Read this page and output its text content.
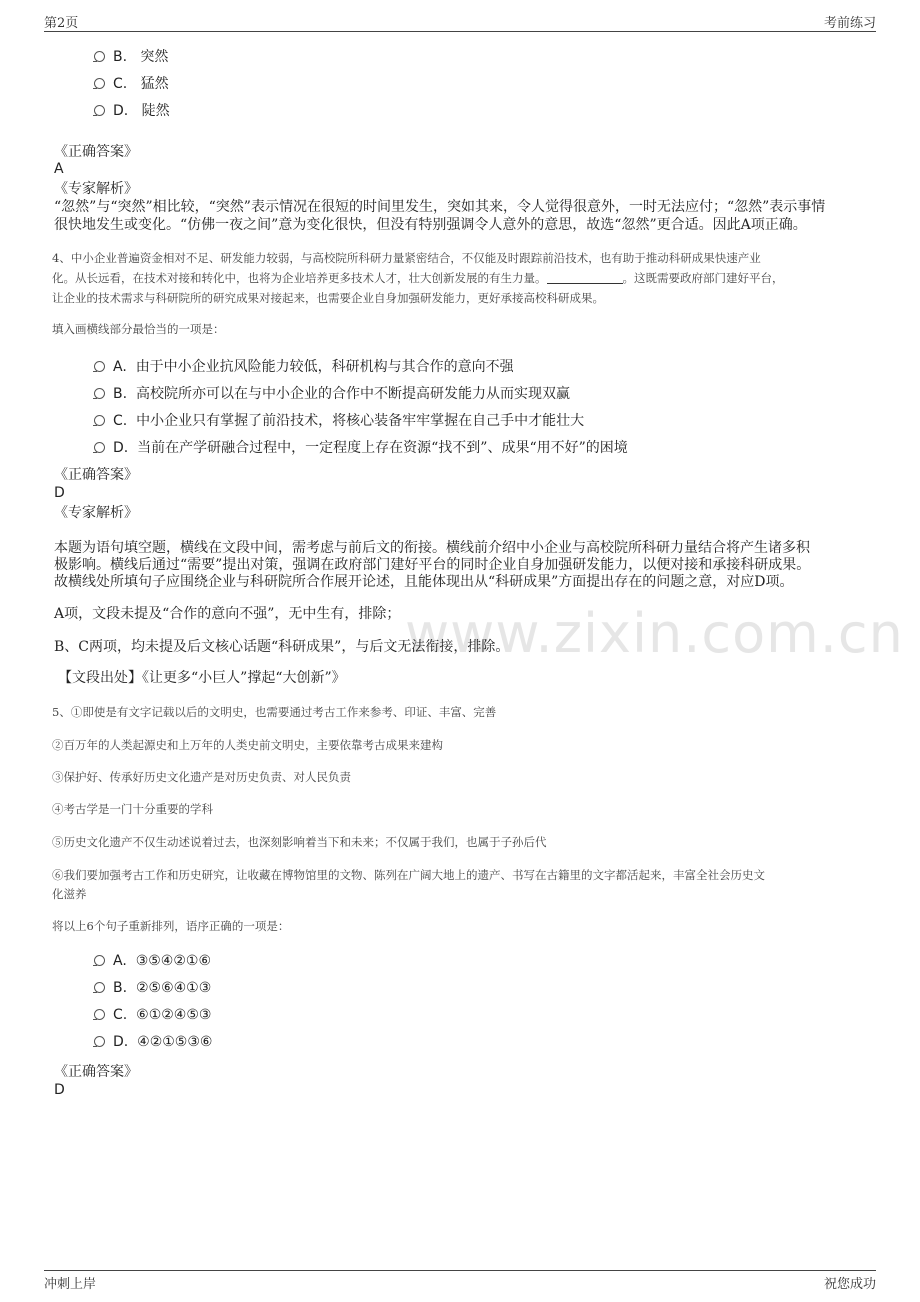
第2页	考前练习
B. 突然
C. 猛然
D. 陡然
《正确答案》
A
《专家解析》
“忽然”与“突然”相比较，“突然”表示情况在很短的时间里发生，突如其来，令人觉得很意外，一时无法应付；“忽然”表示事情
很快地发生或变化。“仿佛一夜之间”意为变化很快，但没有特别强调令人意外的意思，故选“忽然”更合适。因此A项正确。
4、中小企业普遍资金相对不足、研发能力较弱，与高校院所科研力量紧密结合，不仅能及时跟踪前沿技术，也有助于推动科研成果快速产业
化。从长远看，在技术对接和转化中，也将为企业培养更多技术人才，壮大创新发展的有生力量。	。这既需要政府部门建好平台，
让企业的技术需求与科研院所的研究成果对接起来，也需要企业自身加强研发能力，更好承接高校科研成果。
填入画横线部分最恰当的一项是：
A. 由于中小企业抗风险能力较低，科研机构与其合作的意向不强
B. 高校院所亦可以在与中小企业的合作中不断提高研发能力从而实现双赢
C. 中小企业只有掌握了前沿技术，将核心装备牢牢掌握在自己手中才能壮大
D. 当前在产学研融合过程中，一定程度上存在资源“找不到”、成果“用不好”的困境
《正确答案》
D
《专家解析》
本题为语句填空题，横线在文段中间，需考虑与前后文的衔接。横线前介绍中小企业与高校院所科研力量结合将产生诸多积
极影响。横线后通过“需要”提出对策，强调在政府部门建好平台的同时企业自身加强研发能力，以便对接和承接科研成果。
故横线处所填句子应围绕企业与科研院所合作展开论述，且能体现出从“科研成果”方面提出存在的问题之意，对应D项。
www.zixin.com.cn
A项，文段未提及“合作的意向不强”，无中生有，排除；
B、C两项，均未提及后文核心话题“科研成果”，与后文无法衔接，排除。
【文段出处】《让更多“小巨人”撑起“大创新”》
5、①即使是有文字记载以后的文明史，也需要通过考古工作来参考、印证、丰富、完善
②百万年的人类起源史和上万年的人类史前文明史，主要依靠考古成果来建构
③保护好、传承好历史文化遗产是对历史负责、对人民负责
④考古学是一门十分重要的学科
⑤历史文化遗产不仅生动述说着过去，也深刻影响着当下和未来；不仅属于我们，也属于子孙后代
⑥我们要加强考古工作和历史研究，让收藏在博物馆里的文物、陈列在广阔大地上的遗产、书写在古籍里的文字都活起来，丰富全社会历史文
化滋养
将以上6个句子重新排列，语序正确的一项是：
A. ③⑤④②①⑥
B. ②⑤⑥④①③
C. ⑥①②④⑤③
D. ④②①⑤③⑥
《正确答案》
D
冲刺上岸	祝您成功
